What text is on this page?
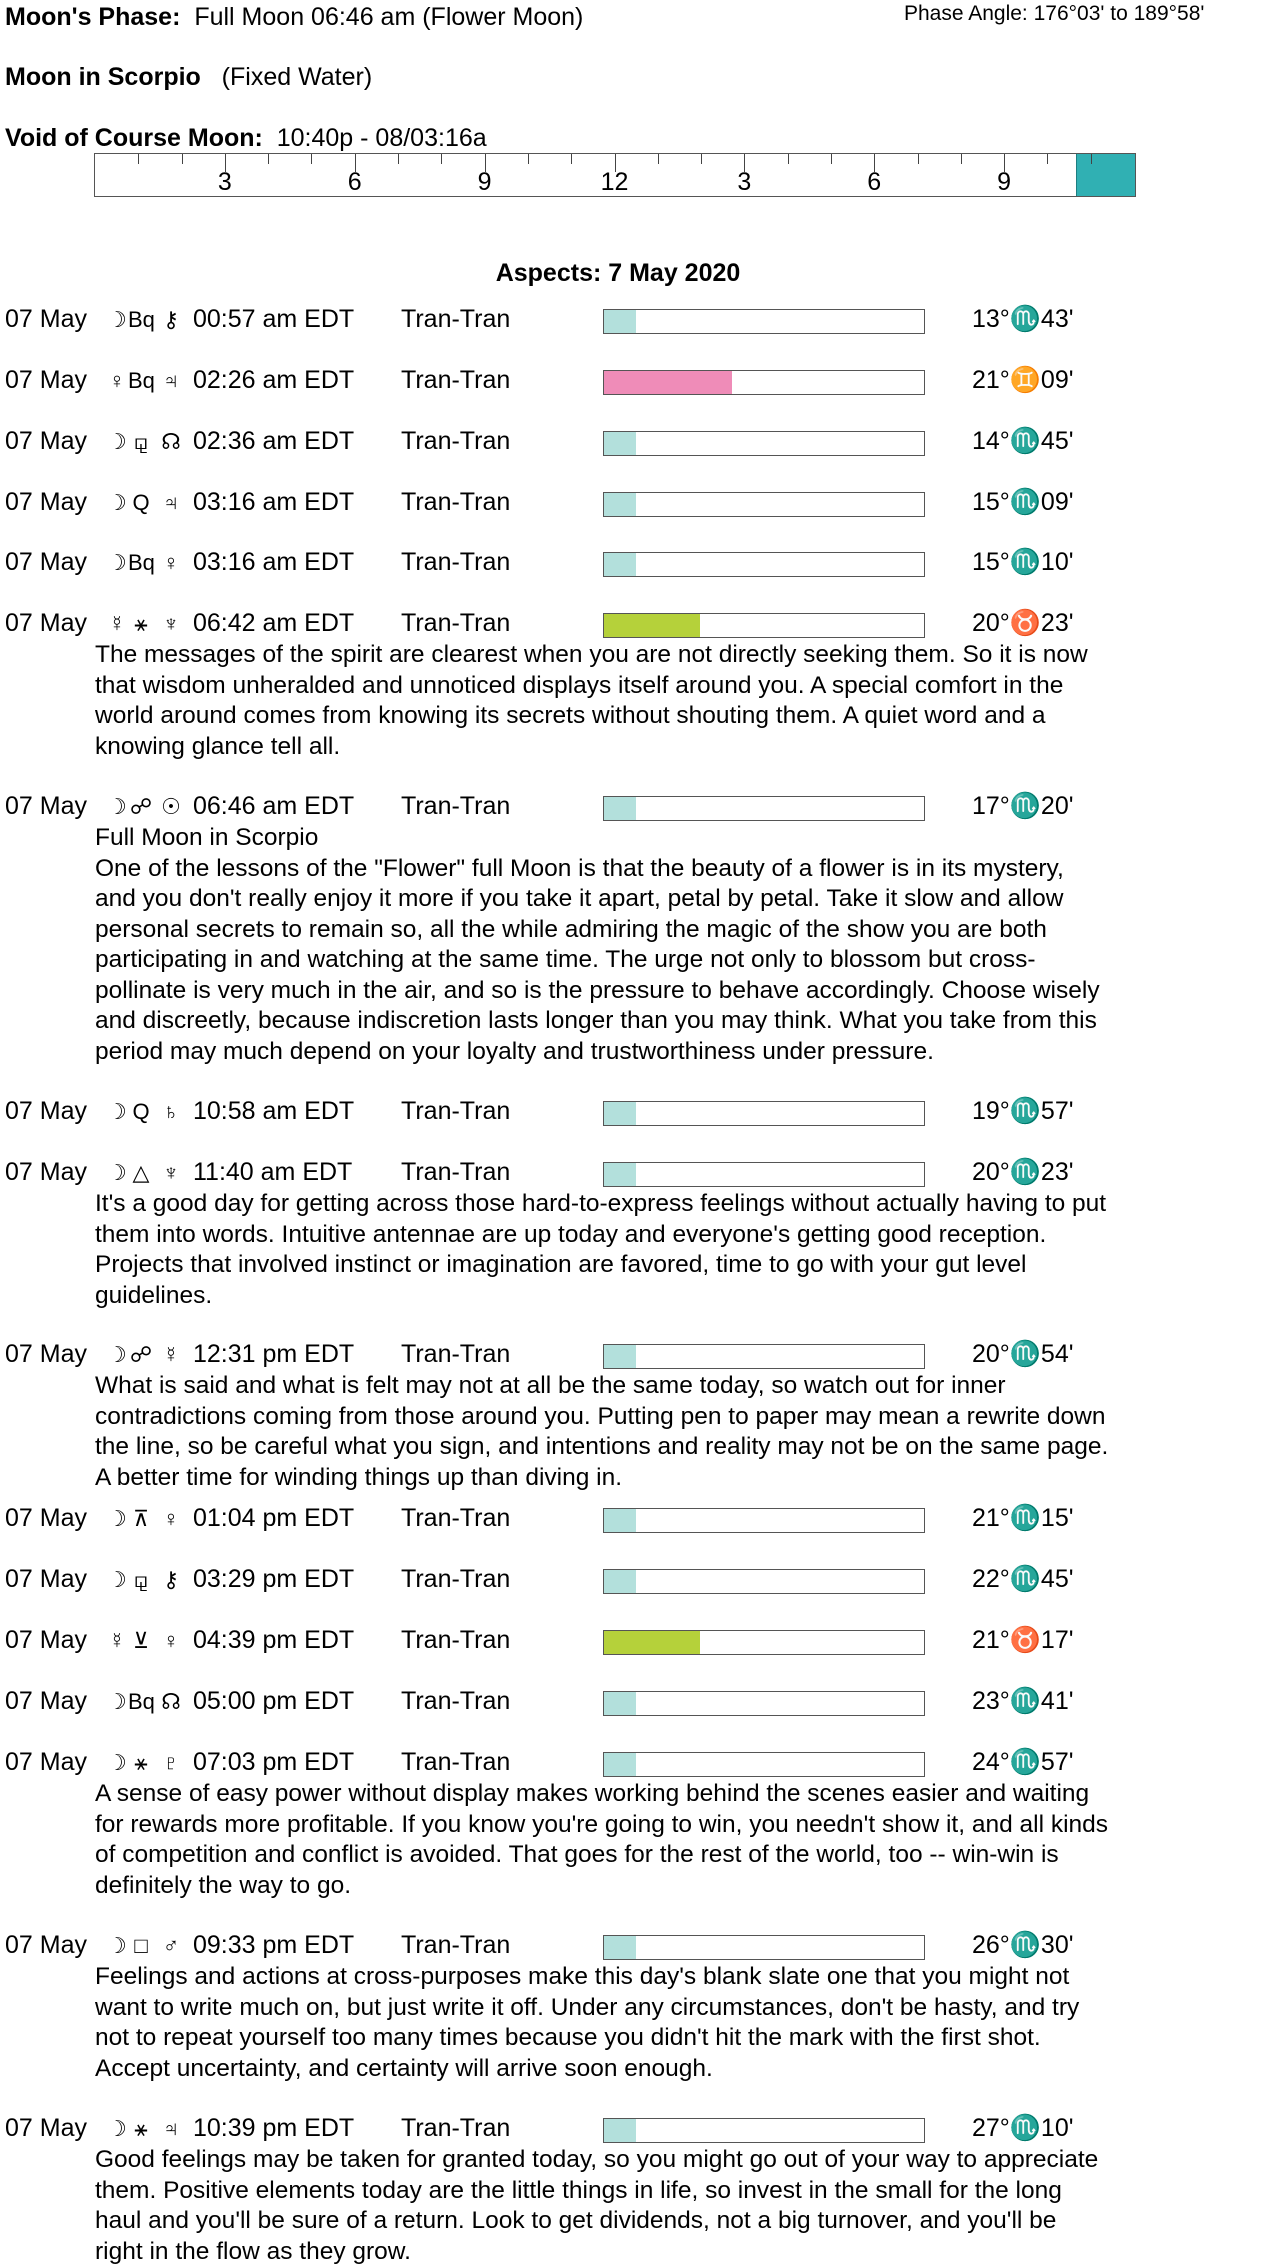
Moon's Phase: Full Moon 06:46 am (Flower Moon)	Phase Angle: 176°03' to 189°58'
Moon in Scorpio (Fixed Water)
Void of Course Moon: 10:40p - 08/03:16a
3	6	9	12	3	6	9
Aspects: 7 May 2020
07 May ☽ Bq ⚷ 00:57 am EDT Tran-Tran	13°♏43'
07 May ♀ Bq ♃ 02:26 am EDT Tran-Tran	21°♊09'
07 May ☽ ⚼ ☊ 02:36 am EDT Tran-Tran	14°♏45'
07 May ☽ Q ♃ 03:16 am EDT Tran-Tran	15°♏09'
07 May ☽ Bq ♀ 03:16 am EDT Tran-Tran	15°♏10'
07 May ☿ ⚹ ♆ 06:42 am EDT Tran-Tran	20°♉23'
The messages of the spirit are clearest when you are not directly seeking them. So it is now
that wisdom unheralded and unnoticed displays itself around you. A special comfort in the
world around comes from knowing its secrets without shouting them. A quiet word and a
knowing glance tell all.
07 May ☽ ☍ ☉ 06:46 am EDT Tran-Tran	17°♏20'
Full Moon in Scorpio
One of the lessons of the "Flower" full Moon is that the beauty of a flower is in its mystery,
and you don't really enjoy it more if you take it apart, petal by petal. Take it slow and allow
personal secrets to remain so, all the while admiring the magic of the show you are both
participating in and watching at the same time. The urge not only to blossom but cross-
pollinate is very much in the air, and so is the pressure to behave accordingly. Choose wisely
and discreetly, because indiscretion lasts longer than you may think. What you take from this
period may much depend on your loyalty and trustworthiness under pressure.
07 May ☽ Q ♄ 10:58 am EDT Tran-Tran	19°♏57'
07 May ☽ △ ♆ 11:40 am EDT Tran-Tran	20°♏23'
It's a good day for getting across those hard-to-express feelings without actually having to put
them into words. Intuitive antennae are up today and everyone's getting good reception.
Projects that involved instinct or imagination are favored, time to go with your gut level
guidelines.
07 May ☽ ☍ ☿ 12:31 pm EDT Tran-Tran	20°♏54'
What is said and what is felt may not at all be the same today, so watch out for inner
contradictions coming from those around you. Putting pen to paper may mean a rewrite down
the line, so be careful what you sign, and intentions and reality may not be on the same page.
A better time for winding things up than diving in.
07 May ☽ ⊼ ♀ 01:04 pm EDT Tran-Tran	21°♏15'
07 May ☽ ⚼ ⚷ 03:29 pm EDT Tran-Tran	22°♏45'
07 May ☿ ⊻ ♀ 04:39 pm EDT Tran-Tran	21°♉17'
07 May ☽ Bq ☊ 05:00 pm EDT Tran-Tran	23°♏41'
07 May ☽ ⚹ ♇ 07:03 pm EDT Tran-Tran	24°♏57'
A sense of easy power without display makes working behind the scenes easier and waiting
for rewards more profitable. If you know you're going to win, you needn't show it, and all kinds
of competition and conflict is avoided. That goes for the rest of the world, too -- win-win is
definitely the way to go.
07 May ☽ □ ♂ 09:33 pm EDT Tran-Tran	26°♏30'
Feelings and actions at cross-purposes make this day's blank slate one that you might not
want to write much on, but just write it off. Under any circumstances, don't be hasty, and try
not to repeat yourself too many times because you didn't hit the mark with the first shot.
Accept uncertainty, and certainty will arrive soon enough.
07 May ☽ ⚹ ♃ 10:39 pm EDT Tran-Tran	27°♏10'
Good feelings may be taken for granted today, so you might go out of your way to appreciate
them. Positive elements today are the little things in life, so invest in the small for the long
haul and you'll be sure of a return. Look to get dividends, not a big turnover, and you'll be
right in the flow as they grow.
